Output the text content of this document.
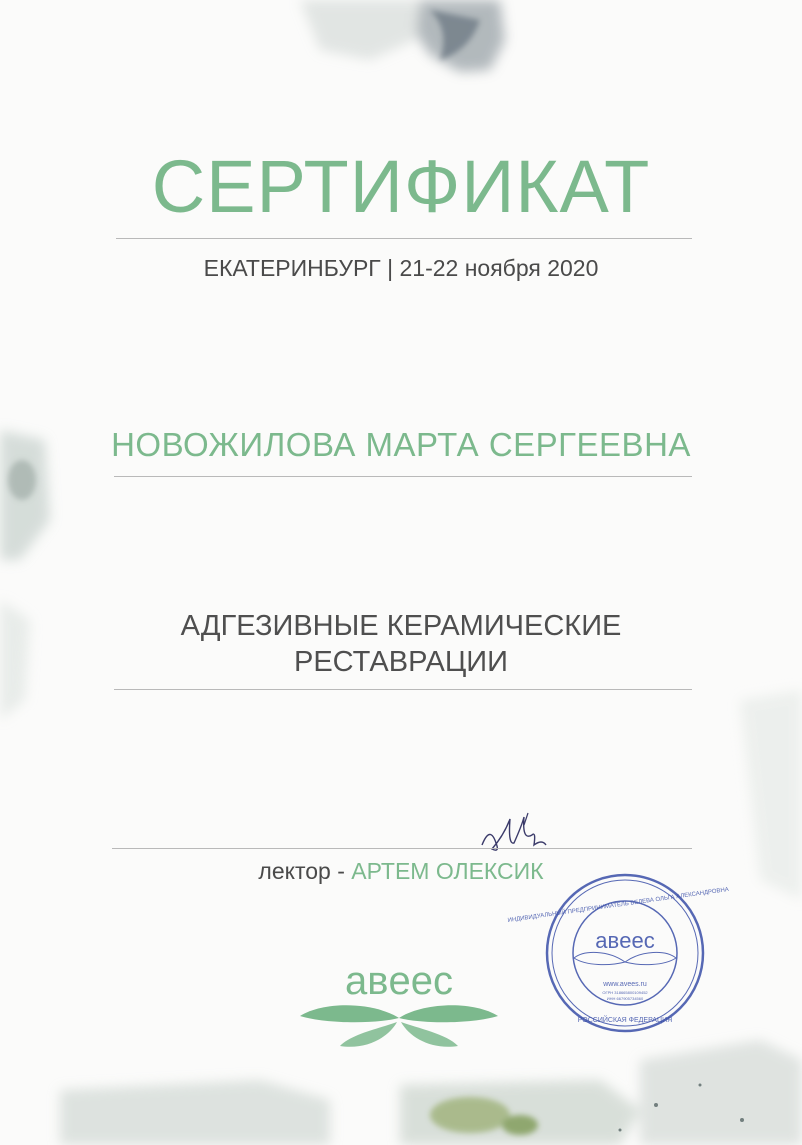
СЕРТИФИКАТ
ЕКАТЕРИНБУРГ | 21-22 ноября 2020
НОВОЖИЛОВА МАРТА СЕРГЕЕВНА
АДГЕЗИВНЫЕ КЕРАМИЧЕСКИЕ
РЕСТАВРАЦИИ
лектор - АРТЕМ ОЛЕКСИК
aвeec
aвeec
www.avees.ru
ОГРН 318665800109452
ИНН 667905734560
ИНДИВИДУАЛЬНЫЙ ПРЕДПРИНИМАТЕЛЬ БЕЛЕВА ОЛЬГА АЛЕКСАНДРОВНА
РОССИЙСКАЯ ФЕДЕРАЦИЯ
